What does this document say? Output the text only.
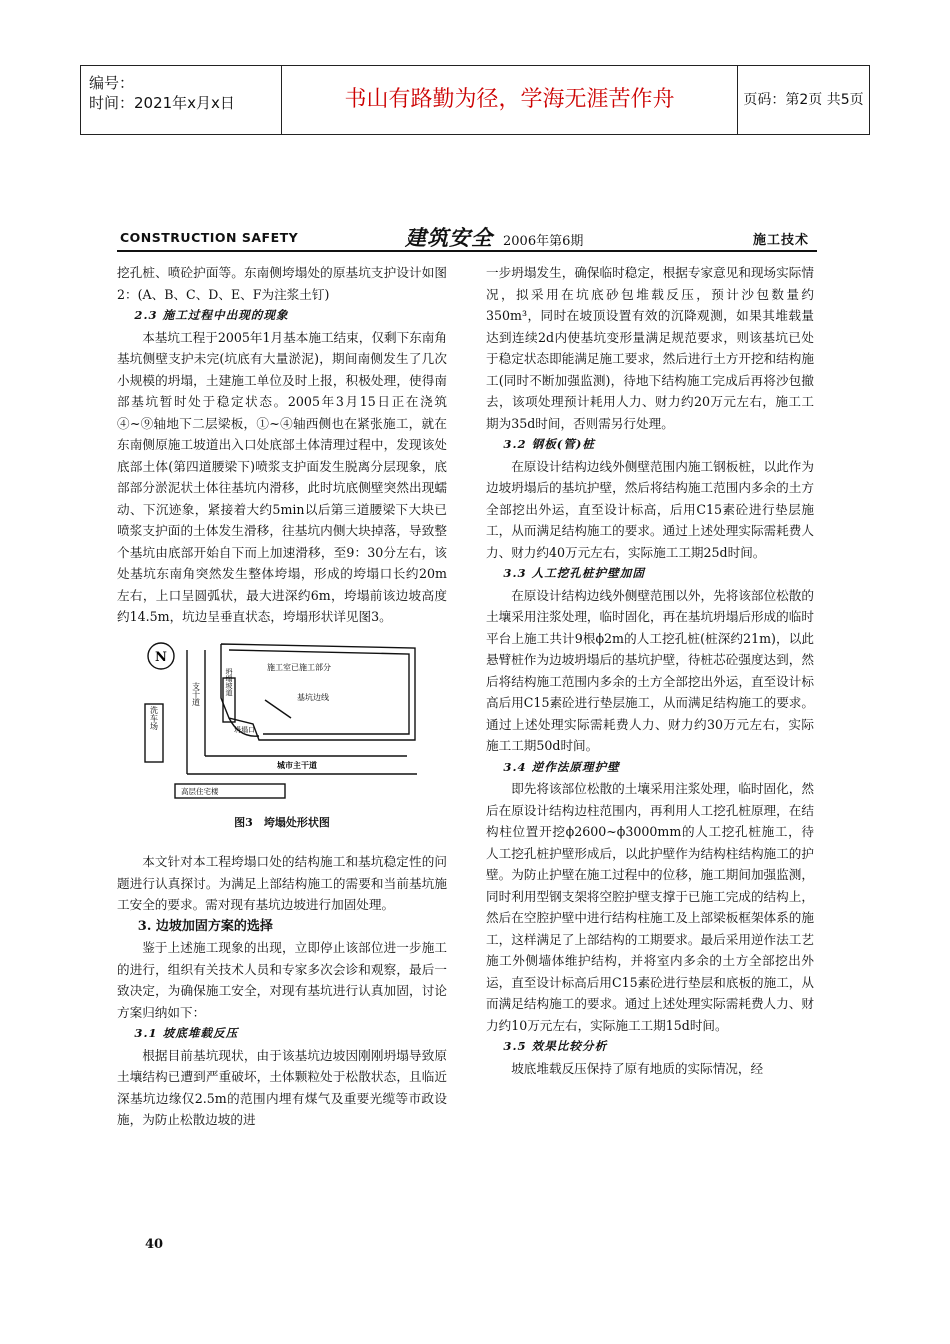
编号：
时间：2021年x月x日	书山有路勤为径，学海无涯苦作舟	页码：第2页 共5页
CONSTRUCTION SAFETY	建筑安全 2006年第6期	施工技术

挖孔桩、喷砼护面等。东南侧垮塌处的原基坑支护设计如图2：(A、B、C、D、E、F为注浆土钉)

2.3 施工过程中出现的现象

本基坑工程于2005年1月基本施工结束，仅剩下东南角基坑侧壁支护未完(坑底有大量淤泥)，期间南侧发生了几次小规模的坍塌，土建施工单位及时上报，积极处理，使得南部基坑暂时处于稳定状态。2005年3月15日正在浇筑④~⑨轴地下二层梁板，①~④轴西侧也在紧张施工，就在东南侧原施工坡道出入口处底部土体清理过程中，发现该处底部土体(第四道腰梁下)喷浆支护面发生脱离分层现象，底部部分淤泥状土体往基坑内滑移，此时坑底侧壁突然出现蠕动、下沉迹象，紧接着大约5min以后第三道腰梁下大块已喷浆支护面的土体发生滑移，往基坑内侧大块掉落，导致整个基坑由底部开始自下而上加速滑移，至9：30分左右，该处基坑东南角突然发生整体垮塌，形成的垮塌口长约20m左右，上口呈圆弧状，最大进深约6m，垮塌前该边坡高度约14.5m，坑边呈垂直状态，垮塌形状详见图3。

N
支干道
洗车场
坍塌坡道
施工室已施工部分
基坑边线
坍塌口
城市主干道
高层住宅楼
图3　垮塌处形状图

本文针对本工程垮塌口处的结构施工和基坑稳定性的问题进行认真探讨。为满足上部结构施工的需要和当前基坑施工安全的要求。需对现有基坑边坡进行加固处理。

3. 边坡加固方案的选择

鉴于上述施工现象的出现，立即停止该部位进一步施工的进行，组织有关技术人员和专家多次会诊和观察，最后一致决定，为确保施工安全，对现有基坑进行认真加固，讨论方案归纳如下：

3.1 坡底堆载反压

根据目前基坑现状，由于该基坑边坡因刚刚坍塌导致原土壤结构已遭到严重破坏，土体颗粒处于松散状态，且临近深基坑边缘仅2.5m的范围内埋有煤气及重要光缆等市政设施，为防止松散边坡的进

一步坍塌发生，确保临时稳定，根据专家意见和现场实际情况，拟采用在坑底砂包堆载反压，预计沙包数量约350m³，同时在坡顶设置有效的沉降观测，如果其堆载量达到连续2d内使基坑变形量满足规范要求，则该基坑已处于稳定状态即能满足施工要求，然后进行土方开挖和结构施工(同时不断加强监测)，待地下结构施工完成后再将沙包撤去，该项处理预计耗用人力、财力约20万元左右，施工工期为35d时间，否则需另行处理。

3.2 钢板(管)桩

在原设计结构边线外侧壁范围内施工钢板桩，以此作为边坡坍塌后的基坑护壁，然后将结构施工范围内多余的土方全部挖出外运，直至设计标高，后用C15素砼进行垫层施工，从而满足结构施工的要求。通过上述处理实际需耗费人力、财力约40万元左右，实际施工工期25d时间。

3.3 人工挖孔桩护壁加固

在原设计结构边线外侧壁范围以外，先将该部位松散的土壤采用注浆处理，临时固化，再在基坑坍塌后形成的临时平台上施工共计9根ϕ2m的人工挖孔桩(桩深约21m)，以此悬臂桩作为边坡坍塌后的基坑护壁，待桩芯砼强度达到，然后将结构施工范围内多余的土方全部挖出外运，直至设计标高后用C15素砼进行垫层施工，从而满足结构施工的要求。通过上述处理实际需耗费人力、财力约30万元左右，实际施工工期50d时间。

3.4 逆作法原理护壁

即先将该部位松散的土壤采用注浆处理，临时固化，然后在原设计结构边柱范围内，再利用人工挖孔桩原理，在结构柱位置开挖ϕ2600~ϕ3000mm的人工挖孔桩施工，待人工挖孔桩护壁形成后，以此护壁作为结构柱结构施工的护壁。为防止护壁在施工过程中的位移，施工期间加强监测，同时利用型钢支架将空腔护壁支撑于已施工完成的结构上，然后在空腔护壁中进行结构柱施工及上部梁板框架体系的施工，这样满足了上部结构的工期要求。最后采用逆作法工艺施工外侧墙体维护结构，并将室内多余的土方全部挖出外运，直至设计标高后用C15素砼进行垫层和底板的施工，从而满足结构施工的要求。通过上述处理实际需耗费人力、财力约10万元左右，实际施工工期15d时间。

3.5 效果比较分析

坡底堆载反压保持了原有地质的实际情况，经

40
